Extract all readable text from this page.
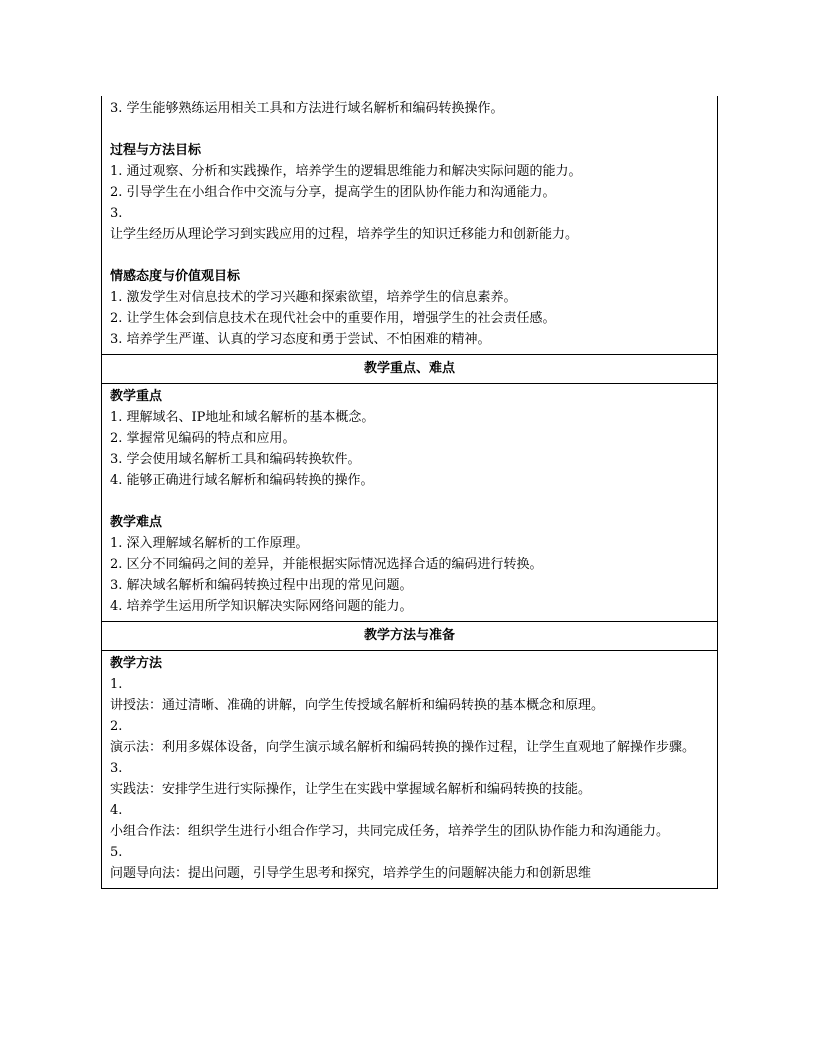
3. 学生能够熟练运用相关工具和方法进行域名解析和编码转换操作。
过程与方法目标
1. 通过观察、分析和实践操作，培养学生的逻辑思维能力和解决实际问题的能力。
2. 引导学生在小组合作中交流与分享，提高学生的团队协作能力和沟通能力。
3.
让学生经历从理论学习到实践应用的过程，培养学生的知识迁移能力和创新能力。
情感态度与价值观目标
1. 激发学生对信息技术的学习兴趣和探索欲望，培养学生的信息素养。
2. 让学生体会到信息技术在现代社会中的重要作用，增强学生的社会责任感。
3. 培养学生严谨、认真的学习态度和勇于尝试、不怕困难的精神。
教学重点、难点
教学重点
1. 理解域名、IP地址和域名解析的基本概念。
2. 掌握常见编码的特点和应用。
3. 学会使用域名解析工具和编码转换软件。
4. 能够正确进行域名解析和编码转换的操作。
教学难点
1. 深入理解域名解析的工作原理。
2. 区分不同编码之间的差异，并能根据实际情况选择合适的编码进行转换。
3. 解决域名解析和编码转换过程中出现的常见问题。
4. 培养学生运用所学知识解决实际网络问题的能力。
教学方法与准备
教学方法
1.
讲授法：通过清晰、准确的讲解，向学生传授域名解析和编码转换的基本概念和原理。
2.
演示法：利用多媒体设备，向学生演示域名解析和编码转换的操作过程，让学生直观地了解操作步骤。
3.
实践法：安排学生进行实际操作，让学生在实践中掌握域名解析和编码转换的技能。
4.
小组合作法：组织学生进行小组合作学习，共同完成任务，培养学生的团队协作能力和沟通能力。
5.
问题导向法：提出问题，引导学生思考和探究，培养学生的问题解决能力和创新思维
